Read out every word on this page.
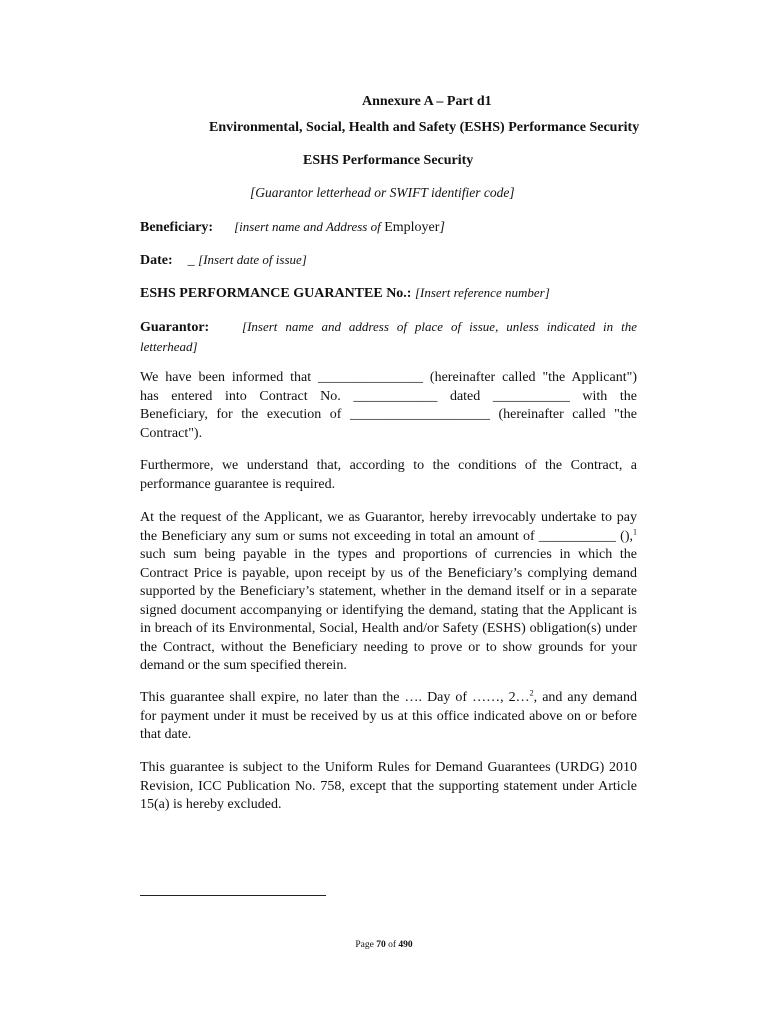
Annexure A – Part d1
Environmental, Social, Health and Safety (ESHS) Performance Security
ESHS Performance Security
[Guarantor letterhead or SWIFT identifier code]
Beneficiary: [insert name and Address of Employer]
Date: _ [Insert date of issue]
ESHS PERFORMANCE GUARANTEE No.: [Insert reference number]
Guarantor:	[Insert name and address of place of issue, unless indicated in the
letterhead]
We have been informed that _______________ (hereinafter called "the Applicant")
has entered into Contract No. ____________ dated ___________ with the
Beneficiary, for the execution of ____________________ (hereinafter called "the
Contract").
Furthermore, we understand that, according to the conditions of the Contract, a
performance guarantee is required.
At the request of the Applicant, we as Guarantor, hereby irrevocably undertake to pay
the Beneficiary any sum or sums not exceeding in total an amount of ___________ (),$^1$
such sum being payable in the types and proportions of currencies in which the
Contract Price is payable, upon receipt by us of the Beneficiary’s complying demand
supported by the Beneficiary’s statement, whether in the demand itself or in a separate
signed document accompanying or identifying the demand, stating that the Applicant is
in breach of its Environmental, Social, Health and/or Safety (ESHS) obligation(s) under
the Contract, without the Beneficiary needing to prove or to show grounds for your
demand or the sum specified therein.
This guarantee shall expire, no later than the …. Day of ……, 2…$^2$, and any demand
for payment under it must be received by us at this office indicated above on or before
that date.
This guarantee is subject to the Uniform Rules for Demand Guarantees (URDG) 2010
Revision, ICC Publication No. 758, except that the supporting statement under Article
15(a) is hereby excluded.
Page 70 of 490
